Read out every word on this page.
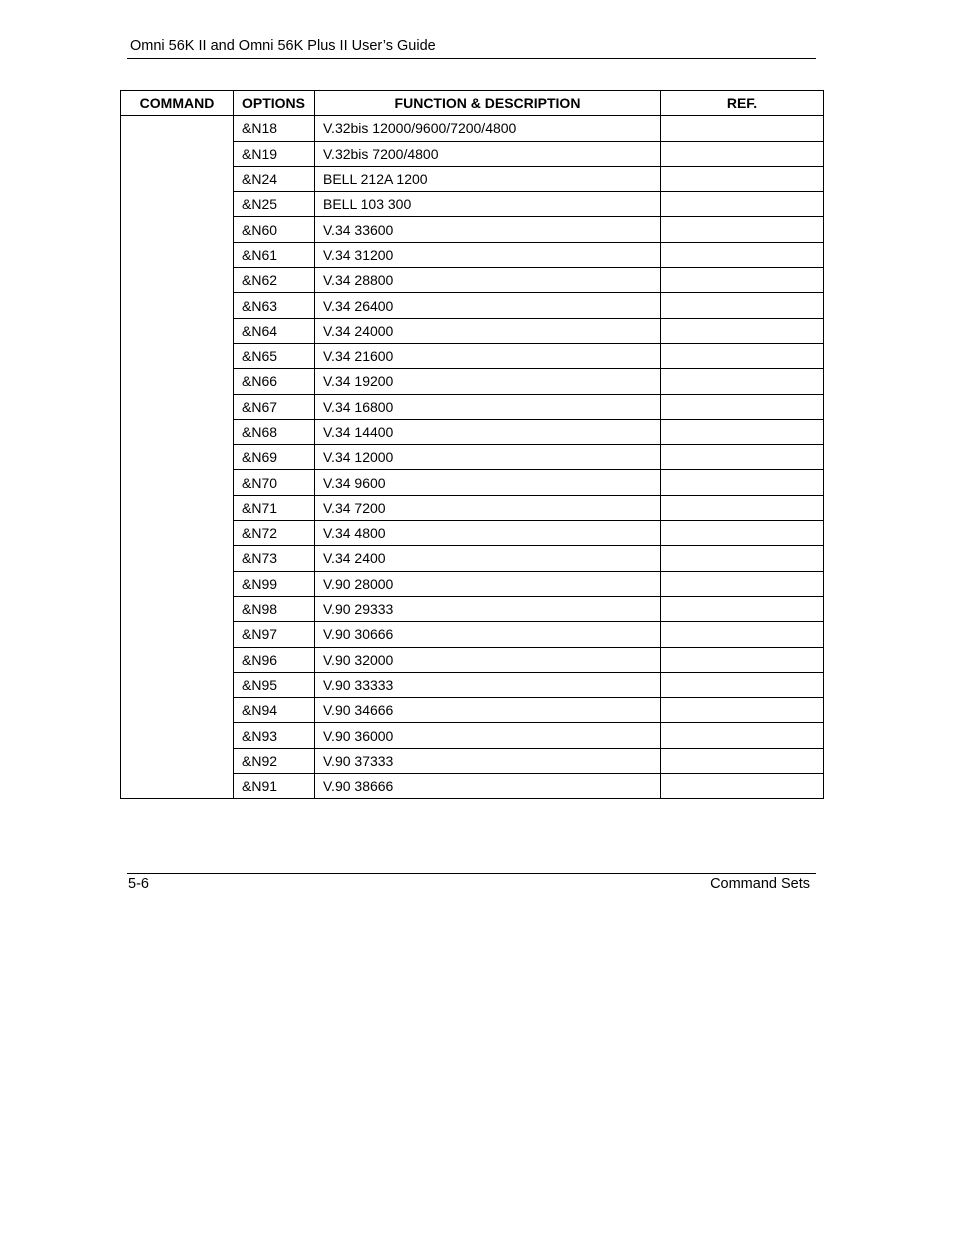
Omni 56K II and Omni 56K Plus II User’s Guide
COMMAND	OPTIONS	FUNCTION & DESCRIPTION	REF.
	&N18	V.32bis 12000/9600/7200/4800	
	&N19	V.32bis 7200/4800	
	&N24	BELL 212A 1200	
	&N25	BELL 103 300	
	&N60	V.34 33600	
	&N61	V.34 31200	
	&N62	V.34 28800	
	&N63	V.34 26400	
	&N64	V.34 24000	
	&N65	V.34 21600	
	&N66	V.34 19200	
	&N67	V.34 16800	
	&N68	V.34 14400	
	&N69	V.34 12000	
	&N70	V.34 9600	
	&N71	V.34 7200	
	&N72	V.34 4800	
	&N73	V.34 2400	
	&N99	V.90 28000	
	&N98	V.90 29333	
	&N97	V.90 30666	
	&N96	V.90 32000	
	&N95	V.90 33333	
	&N94	V.90 34666	
	&N93	V.90 36000	
	&N92	V.90 37333	
	&N91	V.90 38666	
5-6	Command Sets
